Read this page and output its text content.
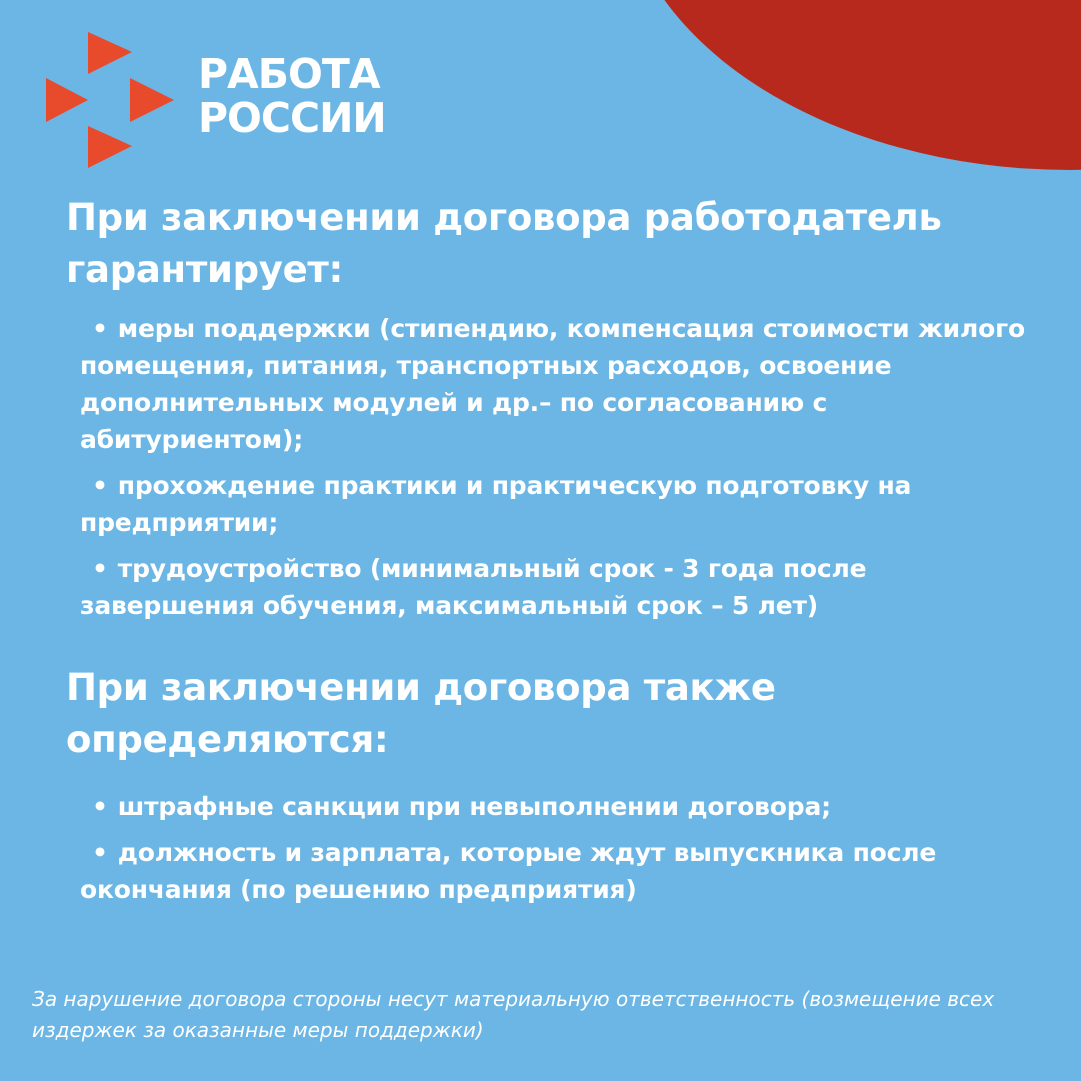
РАБОТА
РОССИИ
При заключении договора работодатель гарантирует:
• меры поддержки (стипендию, компенсация стоимости жилого помещения, питания, транспортных расходов, освоение дополнительных модулей и др.– по согласованию с абитуриентом);
• прохождение практики и практическую подготовку на предприятии;
• трудоустройство (минимальный срок - 3 года после завершения обучения, максимальный срок – 5 лет)
При заключении договора также определяются:
• штрафные санкции при невыполнении договора;
• должность и зарплата, которые ждут выпускника после окончания (по решению предприятия)

За нарушение договора стороны несут материальную ответственность (возмещение всех издержек за оказанные меры поддержки)
